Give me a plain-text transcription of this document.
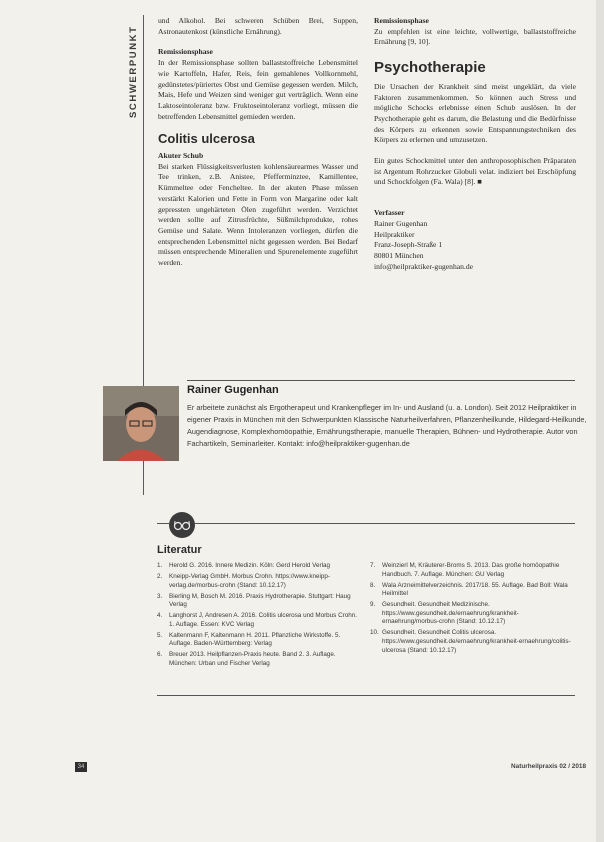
SCHWERPUNKT

und Alkohol. Bei schweren Schüben Brei, Suppen, Astronautenkost (künstliche Ernährung).

Remissionsphase

In der Remissionsphase sollten ballaststoffreiche Lebensmittel wie Kartoffeln, Hafer, Reis, fein gemahlenes Vollkornmehl, gedünstetes/püriertes Obst und Gemüse gegessen werden. Milch, Mais, Hefe und Weizen sind weniger gut verträglich. Wenn eine Laktoseintoleranz bzw. Fruktoseintoleranz vorliegt, müssen die betreffenden Lebensmittel gemieden werden.

Colitis ulcerosa
Akuter Schub

Bei starken Flüssigkeitsverlusten kohlensäurearmes Wasser und Tee trinken, z.B. Anistee, Pfefferminztee, Kamillentee, Kümmeltee oder Fencheltee. In der akuten Phase müssen verstärkt Kalorien und Fette in Form von Margarine oder kalt gepressten ungehärteten Ölen zugeführt werden. Verzichtet werden sollte auf Zitrusfrüchte, Süßmilchprodukte, rohes Gemüse und Salate. Wenn Intoleranzen vorliegen, dürfen die entsprechenden Lebensmittel nicht gegessen werden. Bei Bedarf müssen entsprechende Mineralien und Spurenelemente zugeführt werden.

Remissionsphase

Zu empfehlen ist eine leichte, vollwertige, ballaststoffreiche Ernährung [9, 10].

Psychotherapie

Die Ursachen der Krankheit sind meist ungeklärt, da viele Faktoren zusammenkommen. So können auch Stress und mögliche Schocks erlebnisse einen Schub auslösen. In der Psychotherapie geht es darum, die Belastung und die Bedürfnisse des Körpers zu erkennen sowie Entspannungstechniken des Körpers zu erlernen und umzusetzen.

Ein gutes Schockmittel unter den anthroposophischen Präparaten ist Argentum Rohrzucker Globuli velat. indiziert bei Erschöpfung und Schockfolgen (Fa. Wala) [8]. ■

Verfasser
Rainer Gugenhan
Heilpraktiker
Franz-Joseph-Straße 1
80801 München
info@heilpraktiker-gugenhan.de
Rainer Gugenhan
Er arbeitete zunächst als Ergotherapeut und Krankenpfleger im In- und Ausland (u. a. London). Seit 2012 Heilpraktiker in eigener Praxis in München mit den Schwerpunkten Klassische Naturheilverfahren, Pflanzenheilkunde, Hildegard-Heilkunde, Augendiagnose, Komplexhomöopathie, Ernährungstherapie, manuelle Therapien, Bühnen- und Hydrotherapie. Autor von Fachartikeln, Seminarleiter. Kontakt: info@heilpraktiker-gugenhan.de
Literatur
1.	Herold G. 2016. Innere Medizin. Köln: Gerd Herold Verlag
2.	Kneipp-Verlag GmbH. Morbus Crohn. https://www.kneipp-verlag.de/morbus-crohn (Stand: 10.12.17)
3.	Bierling M, Bosch M. 2016. Praxis Hydrotherapie. Stuttgart: Haug Verlag
4.	Langhorst J, Andresen A. 2016. Colitis ulcerosa und Morbus Crohn. 1. Auflage. Essen: KVC Verlag
5.	Kaltenmann F, Kaltenmann H. 2011. Pflanzliche Wirkstoffe. 5. Auflage. Baden-Württemberg: Verlag
6.	Breuer 2013. Heilpflanzen-Praxis heute. Band 2. 3. Auflage. München: Urban und Fischer Verlag
7.	Weinzierl M, Kräuterer-Broms S. 2013. Das große homöopathie Handbuch. 7. Auflage. München: GU Verlag
8.	Wala Arzneimittelverzeichnis. 2017/18. 55. Auflage. Bad Boll: Wala Heilmittel
9.	Gesundheit. Gesundheit Medizinische. https://www.gesundheit.de/ernaehrung/krankheit-ernaehrung/morbus-crohn (Stand: 10.12.17)
10. Gesundheit. Gesundheit Colitis ulcerosa. https://www.gesundheit.de/ernaehrung/krankheit-ernaehrung/colitis-ulcerosa (Stand: 10.12.17)
34	Naturheilpraxis 02 / 2018
